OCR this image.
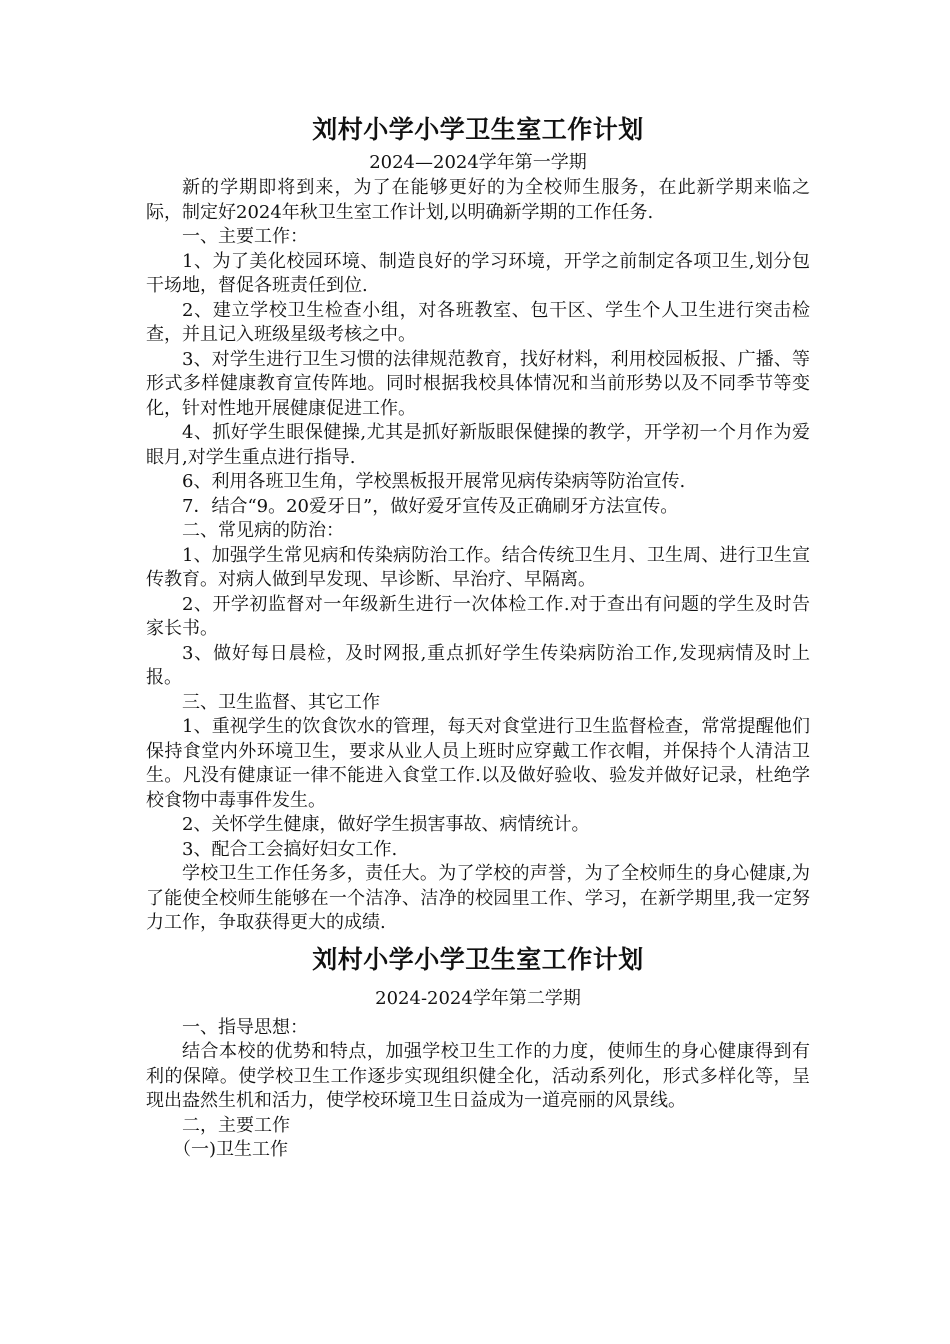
刘村小学小学卫生室工作计划

2024—2024学年第一学期

新的学期即将到来，为了在能够更好的为全校师生服务，在此新学期来临之际，制定好2024年秋卫生室工作计划,以明确新学期的工作任务.

一、主要工作：

1、为了美化校园环境、制造良好的学习环境，开学之前制定各项卫生,划分包干场地，督促各班责任到位.

2、建立学校卫生检查小组，对各班教室、包干区、学生个人卫生进行突击检查，并且记入班级星级考核之中。

3、对学生进行卫生习惯的法律规范教育，找好材料，利用校园板报、广播、等形式多样健康教育宣传阵地。同时根据我校具体情况和当前形势以及不同季节等变化，针对性地开展健康促进工作。

4、抓好学生眼保健操,尤其是抓好新版眼保健操的教学，开学初一个月作为爱眼月,对学生重点进行指导.

6、利用各班卫生角，学校黑板报开展常见病传染病等防治宣传.

7．结合“9。20爱牙日”，做好爱牙宣传及正确刷牙方法宣传。

二、常见病的防治：

1、加强学生常见病和传染病防治工作。结合传统卫生月、卫生周、进行卫生宣传教育。对病人做到早发现、早诊断、早治疗、早隔离。

2、开学初监督对一年级新生进行一次体检工作.对于查出有问题的学生及时告家长书。

3、做好每日晨检，及时网报,重点抓好学生传染病防治工作,发现病情及时上报。

三、卫生监督、其它工作

1、重视学生的饮食饮水的管理，每天对食堂进行卫生监督检查，常常提醒他们保持食堂内外环境卫生，要求从业人员上班时应穿戴工作衣帽，并保持个人清洁卫生。凡没有健康证一律不能进入食堂工作.以及做好验收、验发并做好记录，杜绝学校食物中毒事件发生。

2、关怀学生健康，做好学生损害事故、病情统计。

3、配合工会搞好妇女工作.

学校卫生工作任务多，责任大。为了学校的声誉，为了全校师生的身心健康,为了能使全校师生能够在一个洁净、洁净的校园里工作、学习，在新学期里,我一定努力工作，争取获得更大的成绩.

刘村小学小学卫生室工作计划

2024-2024学年第二学期

一、指导思想：

结合本校的优势和特点，加强学校卫生工作的力度，使师生的身心健康得到有利的保障。使学校卫生工作逐步实现组织健全化，活动系列化，形式多样化等，呈现出盎然生机和活力，使学校环境卫生日益成为一道亮丽的风景线。

二，主要工作

（一)卫生工作
